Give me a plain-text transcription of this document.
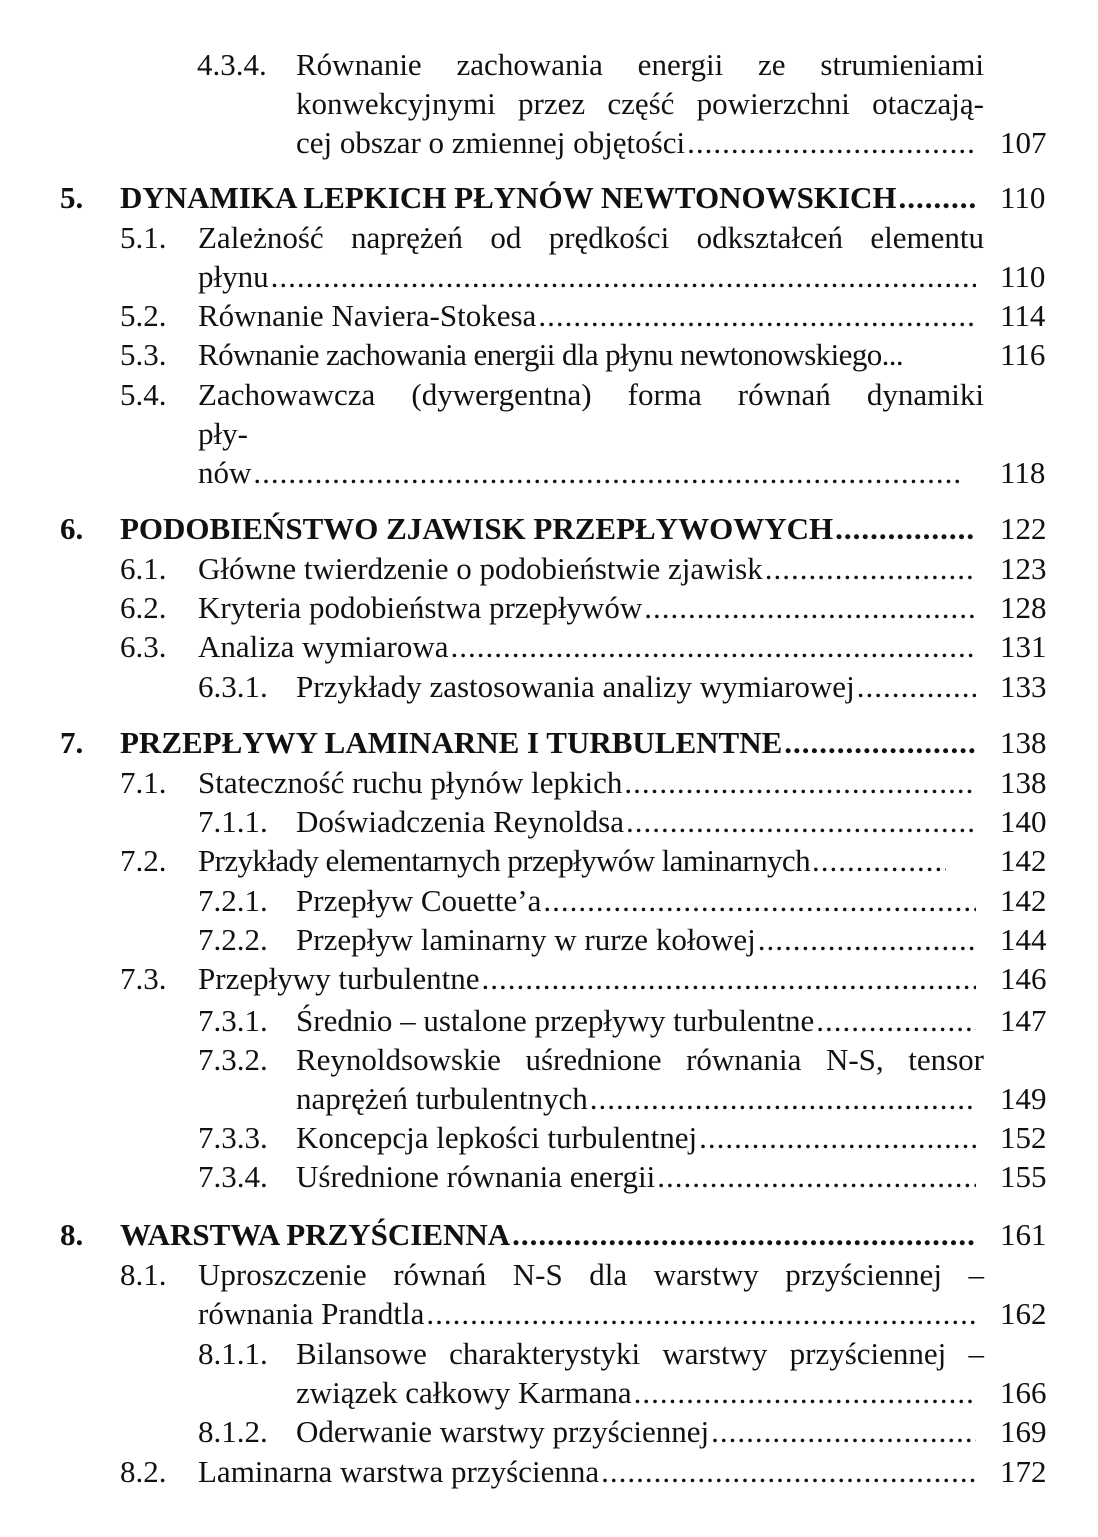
4.3.4. Równanie zachowania energii ze strumieniami
konwekcyjnymi przez część powierzchni otaczają-
cej obszar o zmiennej objętości .....	107
5. DYNAMIKA LEPKICH PŁYNÓW NEWTONOWSKICH .....	110
5.1. Zależność naprężeń od prędkości odkształceń elementu
płynu .....	110
5.2. Równanie Naviera-Stokesa .....	114
5.3. Równanie zachowania energii dla płynu newtonowskiego...	116
5.4. Zachowawcza (dywergentna) forma równań dynamiki
pły-
nów .....	118
6. PODOBIEŃSTWO ZJAWISK PRZEPŁYWOWYCH .....	122
6.1. Główne twierdzenie o podobieństwie zjawisk .....	123
6.2. Kryteria podobieństwa przepływów .....	128
6.3. Analiza wymiarowa .....	131
6.3.1. Przykłady zastosowania analizy wymiarowej .....	133
7. PRZEPŁYWY LAMINARNE I TURBULENTNE .....	138
7.1. Stateczność ruchu płynów lepkich .....	138
7.1.1. Doświadczenia Reynoldsa .....	140
7.2. Przykłady elementarnych przepływów laminarnych .....	142
7.2.1. Przepływ Couette’a .....	142
7.2.2. Przepływ laminarny w rurze kołowej .....	144
7.3. Przepływy turbulentne .....	146
7.3.1. Średnio – ustalone przepływy turbulentne .....	147
7.3.2. Reynoldsowskie uśrednione równania N-S, tensor
naprężeń turbulentnych .....	149
7.3.3. Koncepcja lepkości turbulentnej .....	152
7.3.4. Uśrednione równania energii .....	155
8. WARSTWA PRZYŚCIENNA .....	161
8.1. Uproszczenie równań N-S dla warstwy przyściennej –
równania Prandtla .....	162
8.1.1. Bilansowe charakterystyki warstwy przyściennej –
związek całkowy Karmana .....	166
8.1.2. Oderwanie warstwy przyściennej .....	169
8.2. Laminarna warstwa przyścienna .....	172
